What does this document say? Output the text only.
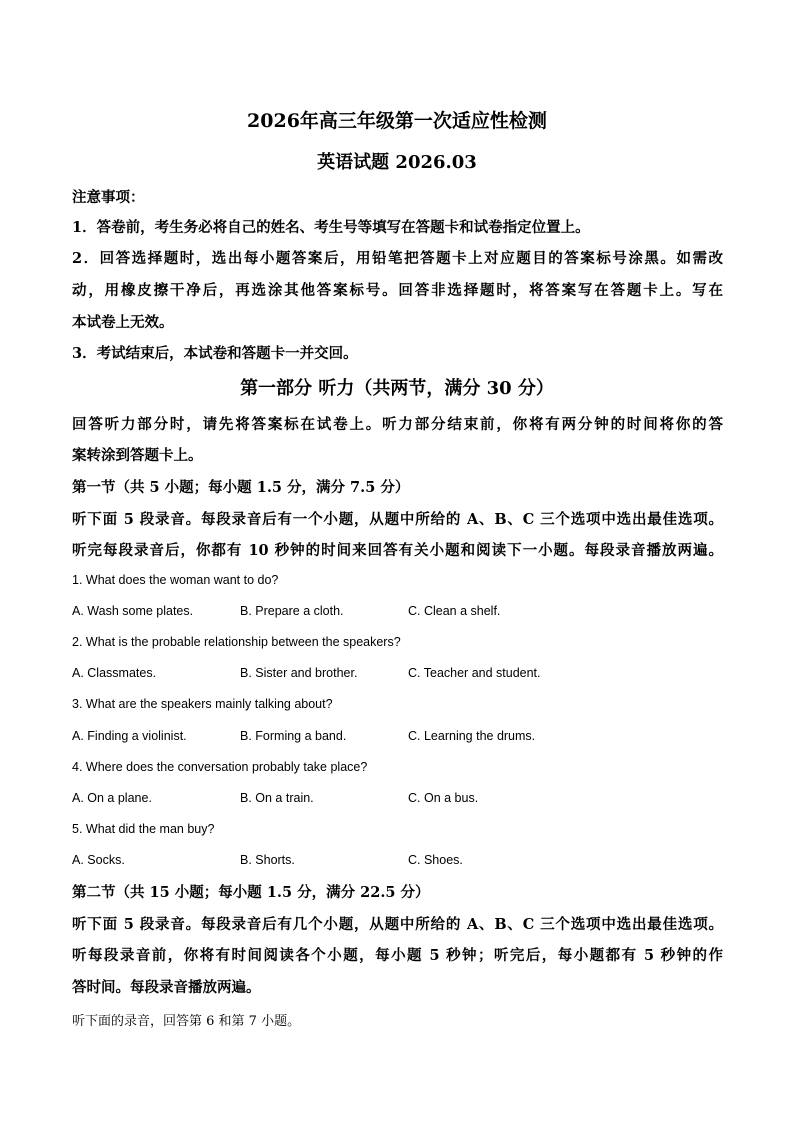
2026年高三年级第一次适应性检测
英语试题 2026.03
注意事项：
1．答卷前，考生务必将自己的姓名、考生号等填写在答题卡和试卷指定位置上。
2．回答选择题时，选出每小题答案后，用铅笔把答题卡上对应题目的答案标号涂黑。如需改
动，用橡皮擦干净后，再选涂其他答案标号。回答非选择题时，将答案写在答题卡上。写在
本试卷上无效。
3．考试结束后，本试卷和答题卡一并交回。
第一部分 听力（共两节，满分 30 分）
回答听力部分时，请先将答案标在试卷上。听力部分结束前，你将有两分钟的时间将你的答
案转涂到答题卡上。
第一节（共 5 小题；每小题 1.5 分，满分 7.5 分）
听下面 5 段录音。每段录音后有一个小题，从题中所给的 A、B、C 三个选项中选出最佳选项。
听完每段录音后，你都有 10 秒钟的时间来回答有关小题和阅读下一小题。每段录音播放两遍。
1. What does the woman want to do?
A. Wash some plates.	B. Prepare a cloth.	C. Clean a shelf.
2. What is the probable relationship between the speakers?
A. Classmates.	B. Sister and brother.	C. Teacher and student.
3. What are the speakers mainly talking about?
A. Finding a violinist.	B. Forming a band.	C. Learning the drums.
4. Where does the conversation probably take place?
A. On a plane.	B. On a train.	C. On a bus.
5. What did the man buy?
A. Socks.	B. Shorts.	C. Shoes.
第二节（共 15 小题；每小题 1.5 分，满分 22.5 分）
听下面 5 段录音。每段录音后有几个小题，从题中所给的 A、B、C 三个选项中选出最佳选项。
听每段录音前，你将有时间阅读各个小题，每小题 5 秒钟；听完后，每小题都有 5 秒钟的作
答时间。每段录音播放两遍。
听下面的录音，回答第 6 和第 7 小题。
